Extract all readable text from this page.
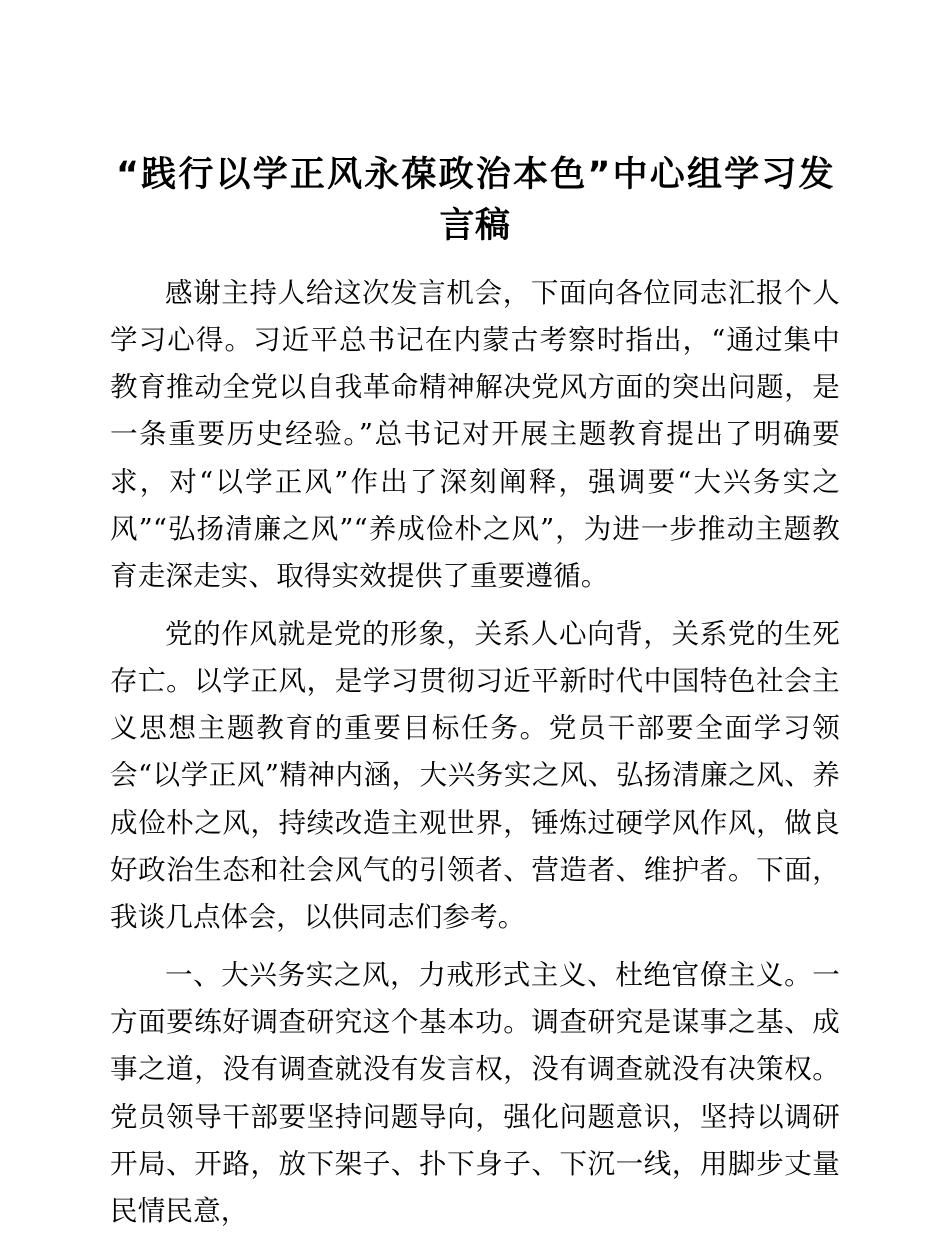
“践行以学正风永葆政治本色”中心组学习发言稿

感谢主持人给这次发言机会，下面向各位同志汇报个人学习心得。习近平总书记在内蒙古考察时指出，“通过集中教育推动全党以自我革命精神解决党风方面的突出问题，是一条重要历史经验。”总书记对开展主题教育提出了明确要求，对“以学正风”作出了深刻阐释，强调要“大兴务实之风”“弘扬清廉之风”“养成俭朴之风”，为进一步推动主题教育走深走实、取得实效提供了重要遵循。

党的作风就是党的形象，关系人心向背，关系党的生死存亡。以学正风，是学习贯彻习近平新时代中国特色社会主义思想主题教育的重要目标任务。党员干部要全面学习领会“以学正风”精神内涵，大兴务实之风、弘扬清廉之风、养成俭朴之风，持续改造主观世界，锤炼过硬学风作风，做良好政治生态和社会风气的引领者、营造者、维护者。下面，我谈几点体会，以供同志们参考。

一、大兴务实之风，力戒形式主义、杜绝官僚主义。一方面要练好调查研究这个基本功。调查研究是谋事之基、成事之道，没有调查就没有发言权，没有调查就没有决策权。党员领导干部要坚持问题导向，强化问题意识，坚持以调研开局、开路，放下架子、扑下身子、下沉一线，用脚步丈量民情民意，
